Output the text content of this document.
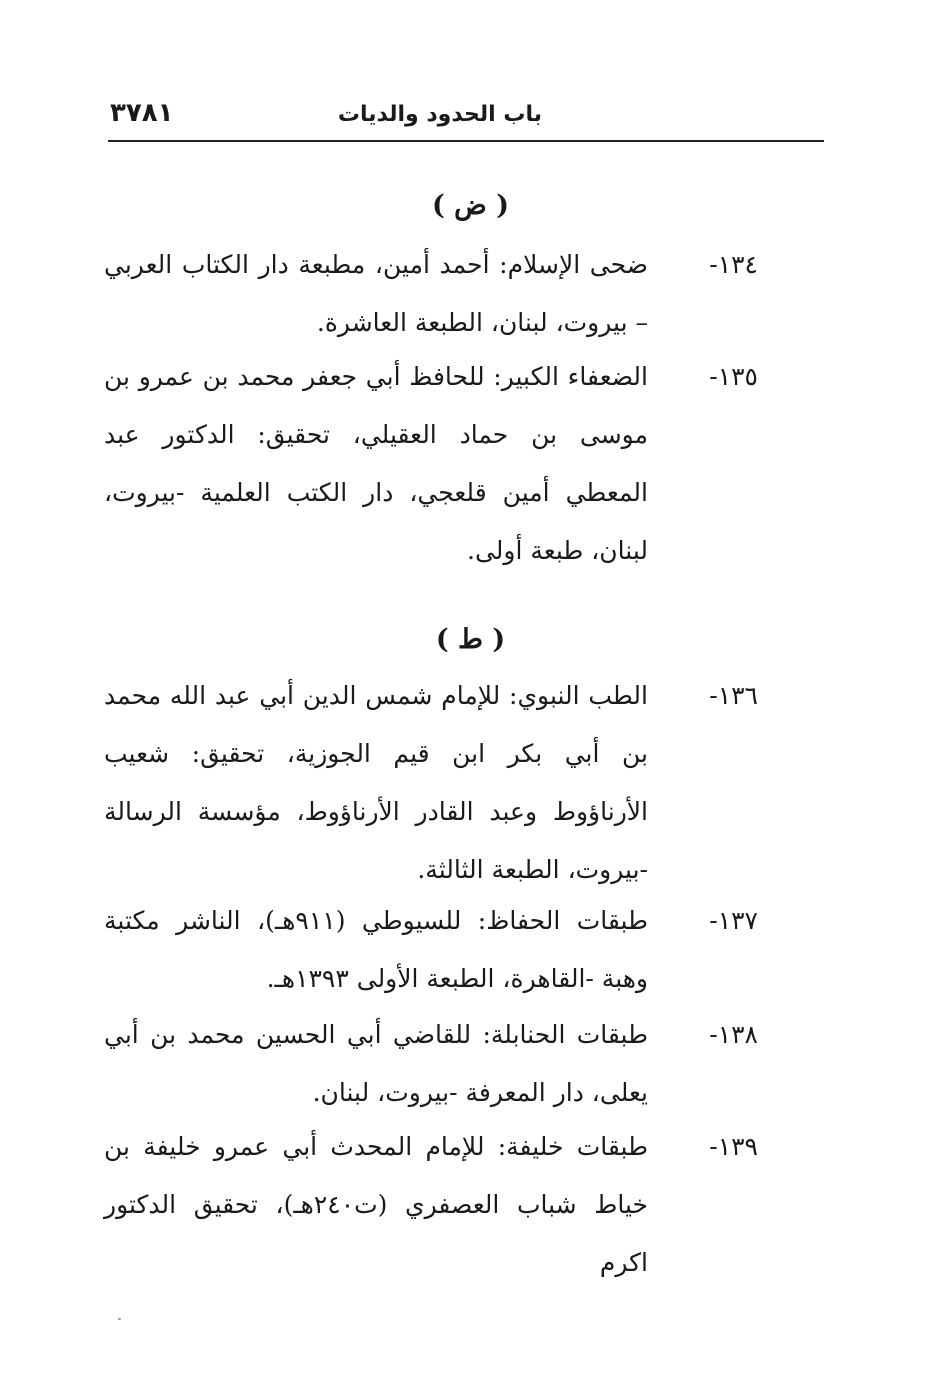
باب الحدود والديات
٣٧٨١
( ض )
١٣٤-
ضحى الإسلام: أحمد أمين، مطبعة دار الكتاب العربي – بيروت، لبنان، الطبعة العاشرة.
١٣٥-
الضعفاء الكبير: للحافظ أبي جعفر محمد بن عمرو بن موسى بن حماد العقيلي، تحقيق: الدكتور عبد المعطي أمين قلعجي، دار الكتب العلمية -بيروت، لبنان، طبعة أولى.
( ط )
١٣٦-
الطب النبوي: للإمام شمس الدين أبي عبد الله محمد بن أبي بكر ابن قيم الجوزية، تحقيق: شعيب الأرناؤوط وعبد القادر الأرناؤوط، مؤسسة الرسالة -بيروت، الطبعة الثالثة.
١٣٧-
طبقات الحفاظ: للسيوطي (٩١١هـ)، الناشر مكتبة وهبة -القاهرة، الطبعة الأولى ١٣٩٣هـ.
١٣٨-
طبقات الحنابلة: للقاضي أبي الحسين محمد بن أبي يعلى، دار المعرفة -بيروت، لبنان.
١٣٩-
طبقات خليفة: للإمام المحدث أبي عمرو خليفة بن خياط شباب العصفري (ت٢٤٠هـ)، تحقيق الدكتور اكرم
